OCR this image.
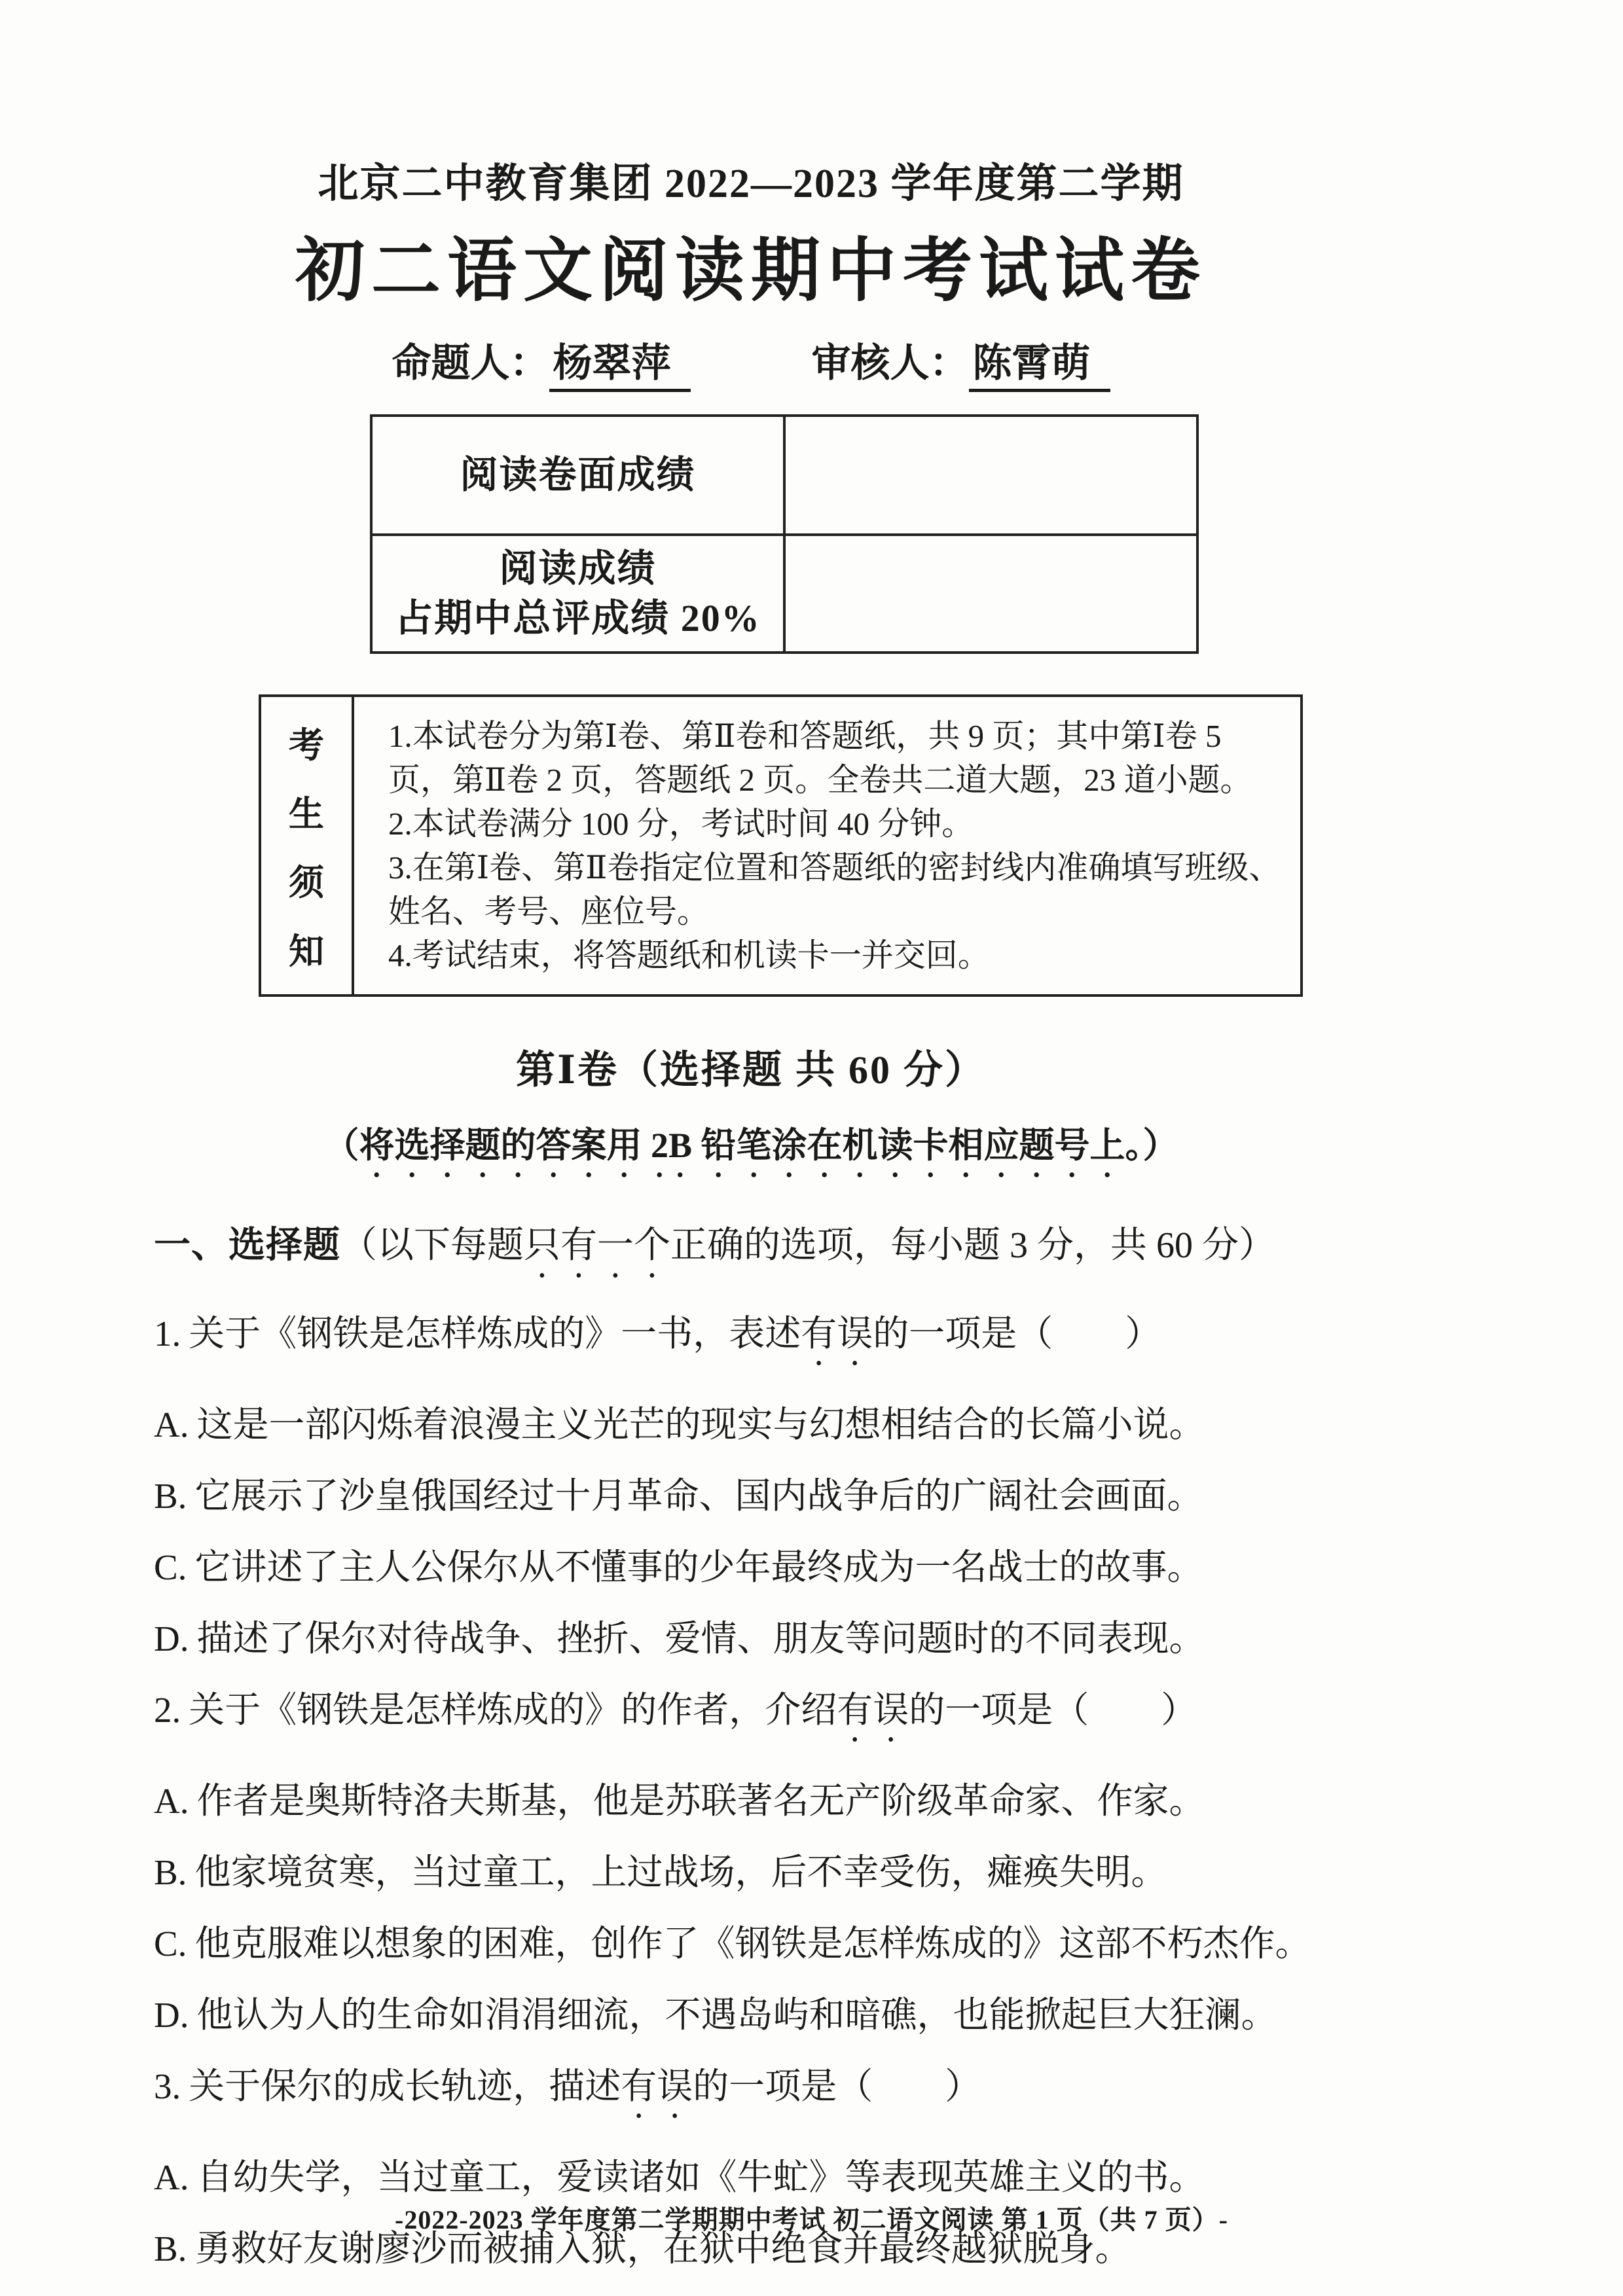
北京二中教育集团 2022—2023 学年度第二学期
初二语文阅读期中考试试卷
命题人： 杨翠萍	审核人： 陈霄萌
阅读卷面成绩	

阅读成绩
占期中总评成绩 20%	

考
生
须
知

1.本试卷分为第Ⅰ卷、第Ⅱ卷和答题纸，共 9 页；其中第Ⅰ卷 5 页，第Ⅱ卷 2 页，答题纸 2 页。全卷共二道大题，23 道小题。

2.本试卷满分 100 分，考试时间 40 分钟。

3.在第Ⅰ卷、第Ⅱ卷指定位置和答题纸的密封线内准确填写班级、姓名、考号、座位号。

4.考试结束，将答题纸和机读卡一并交回。

第Ⅰ卷（选择题 共 60 分）
（将选择题的答案用 2B 铅笔涂在机读卡相应题号上。）
一、选择题（以下每题只有一个正确的选项，每小题 3 分，共 60 分）
1. 关于《钢铁是怎样炼成的》一书，表述有误的一项是（　　）
A. 这是一部闪烁着浪漫主义光芒的现实与幻想相结合的长篇小说。
B. 它展示了沙皇俄国经过十月革命、国内战争后的广阔社会画面。
C. 它讲述了主人公保尔从不懂事的少年最终成为一名战士的故事。
D. 描述了保尔对待战争、挫折、爱情、朋友等问题时的不同表现。
2. 关于《钢铁是怎样炼成的》的作者，介绍有误的一项是（　　）
A. 作者是奥斯特洛夫斯基，他是苏联著名无产阶级革命家、作家。
B. 他家境贫寒，当过童工，上过战场，后不幸受伤，瘫痪失明。
C. 他克服难以想象的困难，创作了《钢铁是怎样炼成的》这部不朽杰作。
D. 他认为人的生命如涓涓细流，不遇岛屿和暗礁，也能掀起巨大狂澜。
3. 关于保尔的成长轨迹，描述有误的一项是（　　）
A. 自幼失学，当过童工，爱读诸如《牛虻》等表现英雄主义的书。
B. 勇救好友谢廖沙而被捕入狱，在狱中绝食并最终越狱脱身。
-2022-2023 学年度第二学期期中考试 初二语文阅读 第 1 页（共 7 页）-
